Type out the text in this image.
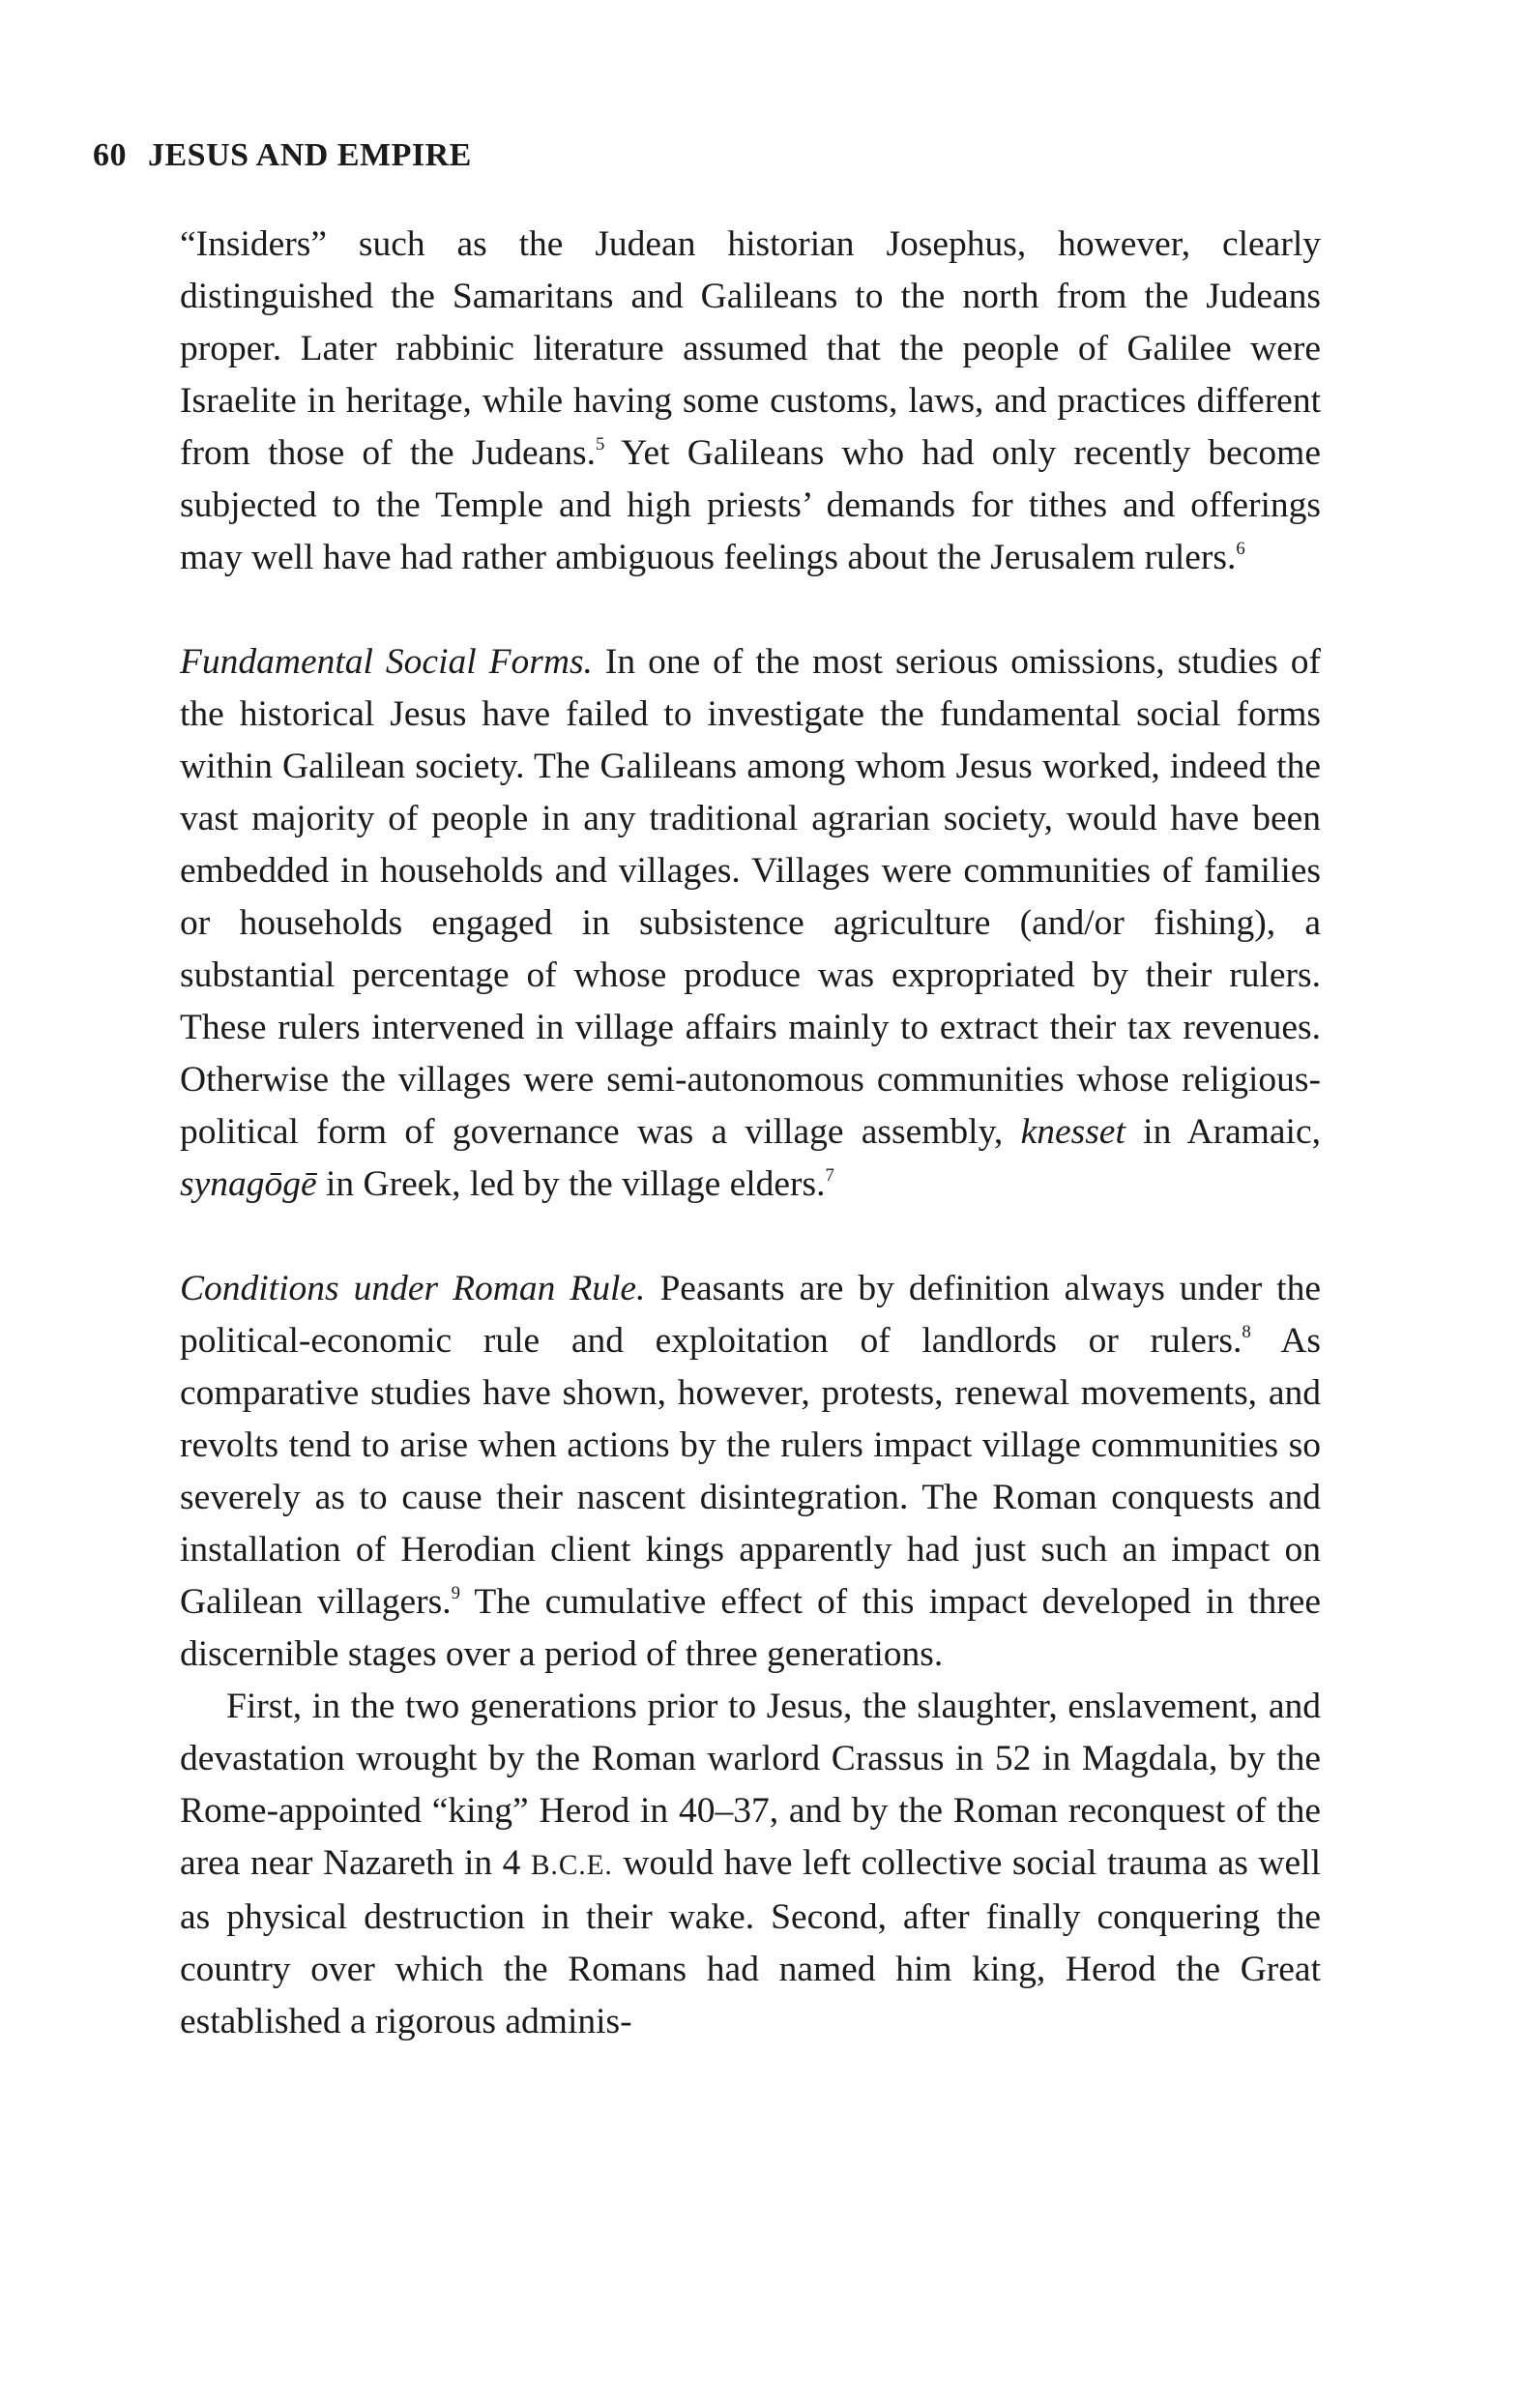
60 JESUS AND EMPIRE

“Insiders” such as the Judean historian Josephus, however, clearly distinguished the Samaritans and Galileans to the north from the Judeans proper. Later rabbinic literature assumed that the people of Galilee were Israelite in heritage, while having some customs, laws, and practices different from those of the Judeans.$^5$ Yet Galileans who had only recently become subjected to the Temple and high priests’ demands for tithes and offerings may well have had rather ambiguous feelings about the Jerusalem rulers.$^6$

Fundamental Social Forms. In one of the most serious omissions, studies of the historical Jesus have failed to investigate the fundamental social forms within Galilean society. The Galileans among whom Jesus worked, indeed the vast majority of people in any traditional agrarian society, would have been embedded in households and villages. Villages were communities of families or households engaged in subsistence agriculture (and/or fishing), a substantial percentage of whose produce was expropriated by their rulers. These rulers intervened in village affairs mainly to extract their tax revenues. Otherwise the villages were semi-autonomous communities whose religious-political form of governance was a village assembly, knesset in Aramaic, synagōgē in Greek, led by the village elders.$^7$

Conditions under Roman Rule. Peasants are by definition always under the political-economic rule and exploitation of landlords or rulers.$^8$ As comparative studies have shown, however, protests, renewal movements, and revolts tend to arise when actions by the rulers impact village communities so severely as to cause their nascent disintegration. The Roman conquests and installation of Herodian client kings apparently had just such an impact on Galilean villagers.$^9$ The cumulative effect of this impact developed in three discernible stages over a period of three generations.

First, in the two generations prior to Jesus, the slaughter, enslavement, and devastation wrought by the Roman warlord Crassus in 52 in Magdala, by the Rome-appointed “king” Herod in 40–37, and by the Roman reconquest of the area near Nazareth in 4 B.C.E. would have left collective social trauma as well as physical destruction in their wake. Second, after finally conquering the country over which the Romans had named him king, Herod the Great established a rigorous adminis-
